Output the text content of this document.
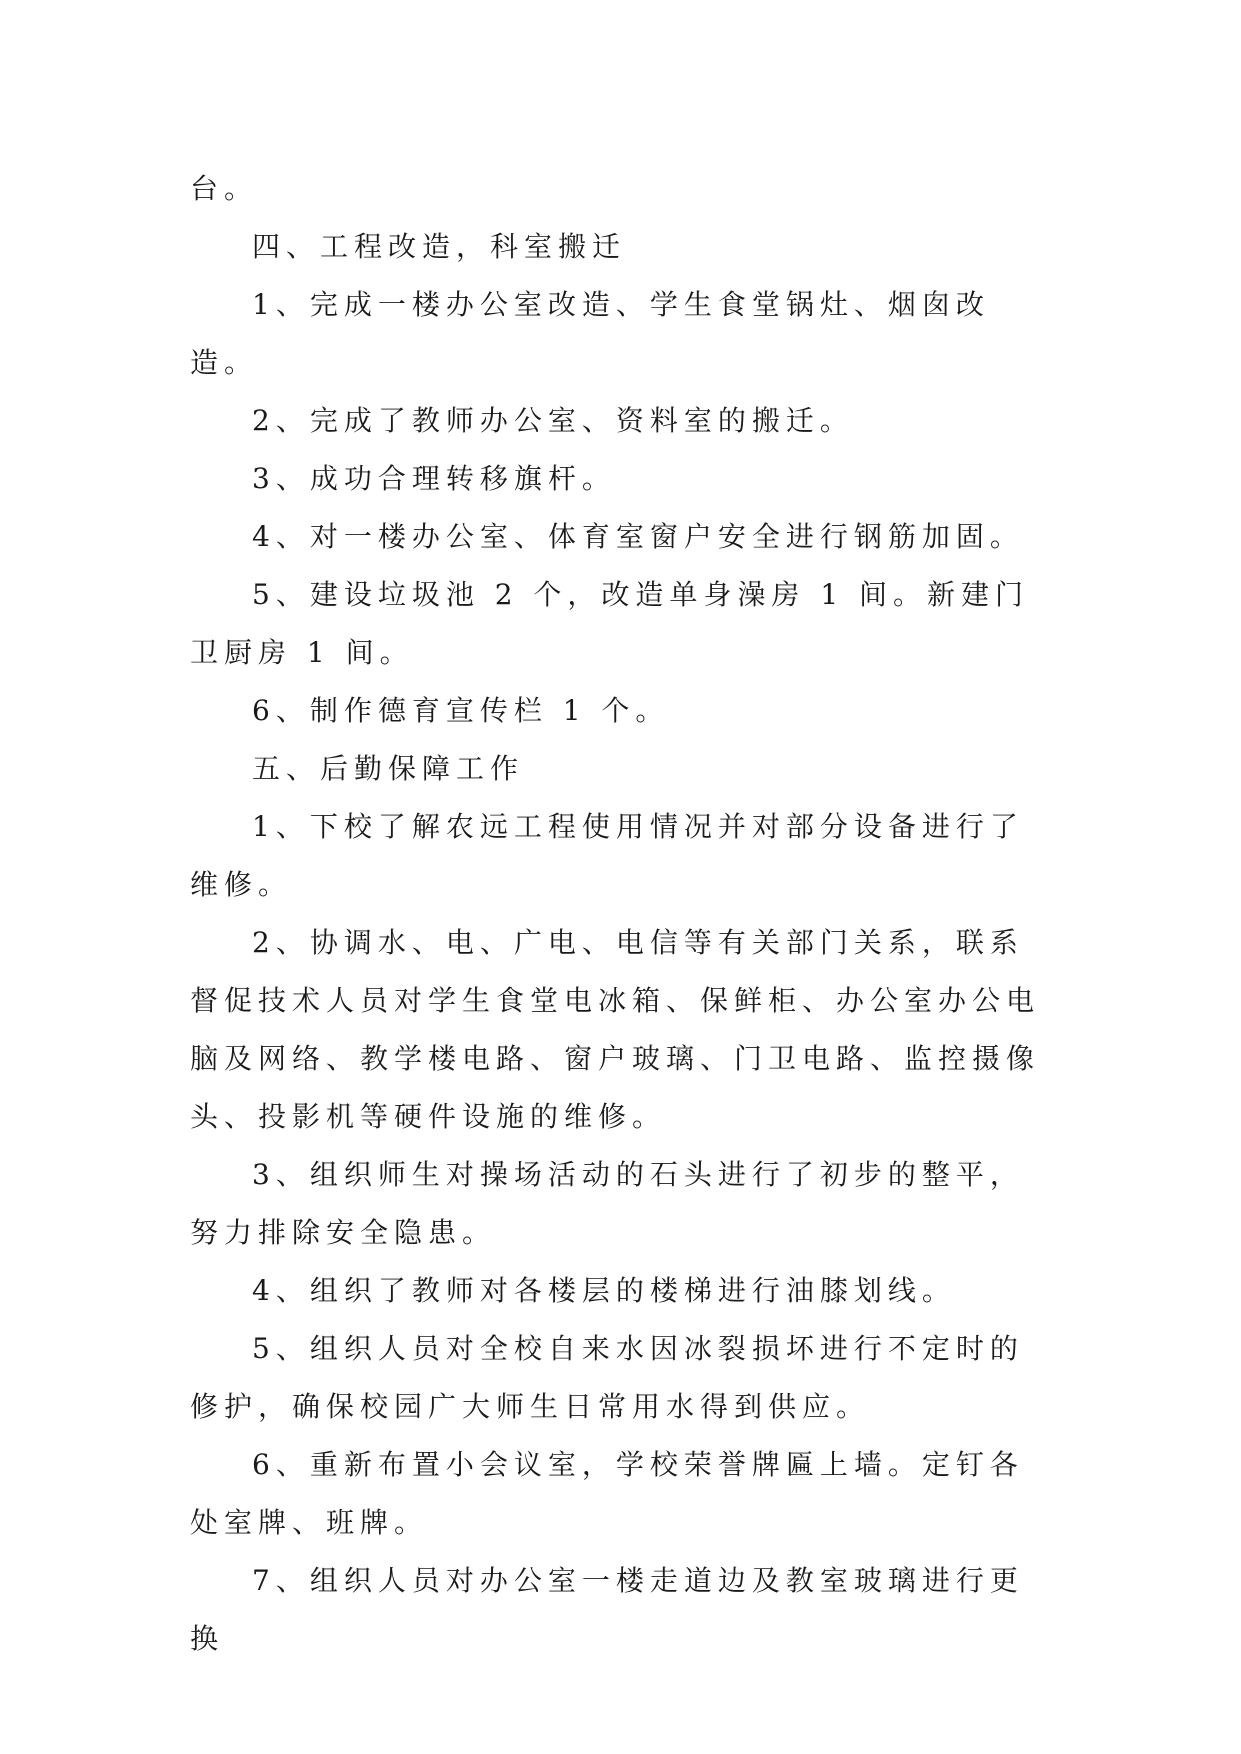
台。

四、工程改造，科室搬迁

1、完成一楼办公室改造、学生食堂锅灶、烟囱改造。

2、完成了教师办公室、资料室的搬迁。

3、成功合理转移旗杆。

4、对一楼办公室、体育室窗户安全进行钢筋加固。

5、建设垃圾池 2 个，改造单身澡房 1 间。新建门卫厨房 1 间。

6、制作德育宣传栏 1 个。

五、后勤保障工作

1、下校了解农远工程使用情况并对部分设备进行了维修。

2、协调水、电、广电、电信等有关部门关系，联系督促技术人员对学生食堂电冰箱、保鲜柜、办公室办公电脑及网络、教学楼电路、窗户玻璃、门卫电路、监控摄像头、投影机等硬件设施的维修。

3、组织师生对操场活动的石头进行了初步的整平，努力排除安全隐患。

4、组织了教师对各楼层的楼梯进行油膝划线。

5、组织人员对全校自来水因冰裂损坏进行不定时的修护，确保校园广大师生日常用水得到供应。

6、重新布置小会议室，学校荣誉牌匾上墙。定钉各处室牌、班牌。

7、组织人员对办公室一楼走道边及教室玻璃进行更换
